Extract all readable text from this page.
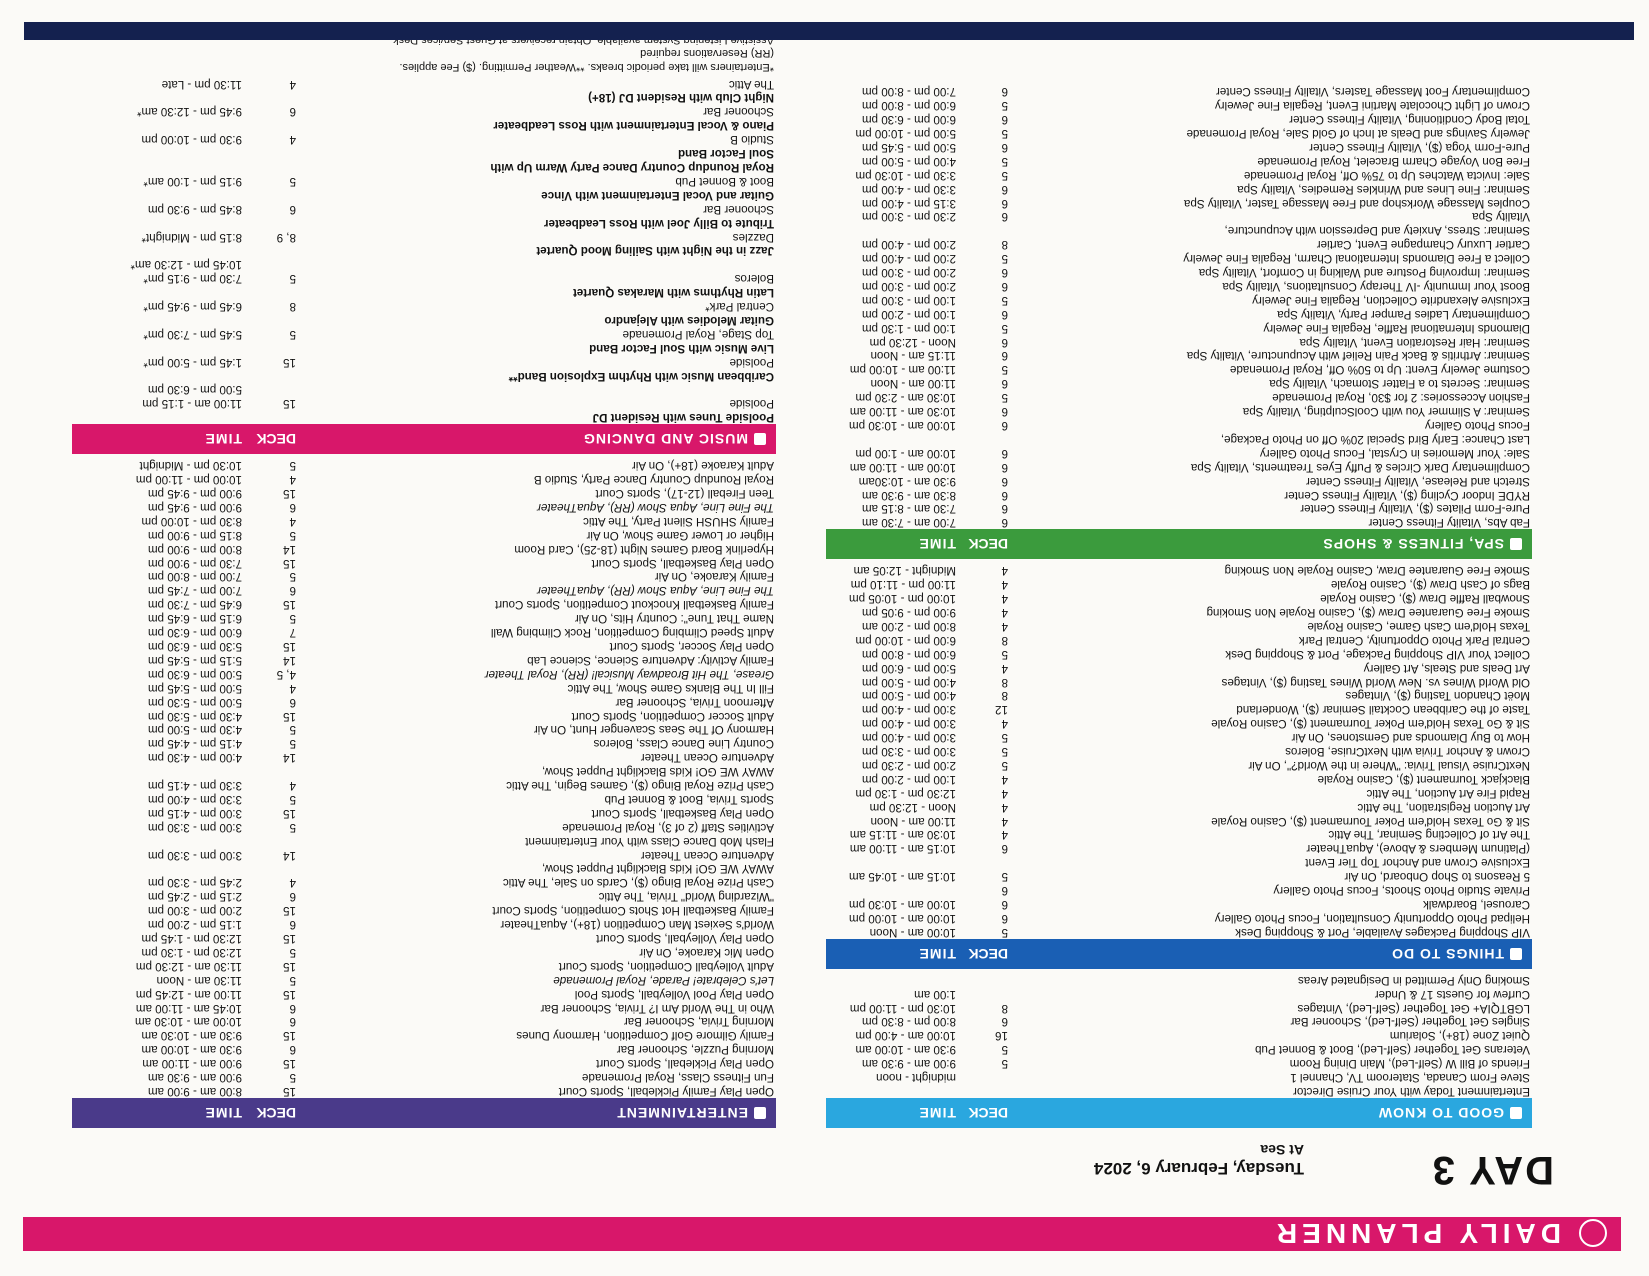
DAILY PLANNER
DAY 3
Tuesday, February 6, 2024
At Sea
GOOD TO KNOW
DECK
TIME
Entertainment Today with Your Cruise Director
Steve From Canada, Stateroom TV, Channel 1
midnight - noon
Friends of Bill W (Self-Led), Main Dining Room
5
9:00 am - 9:30 am
Veterans Get Together (Self-Led), Boot & Bonnet Pub
5
9:30 am - 10:00 am
Quiet Zone (18+), Solarium
16
10:00 am - 4:00 pm
Singles Get Together (Self-Led), Schooner Bar
6
8:00 pm - 8:30 pm
LGBTQIA+ Get Together (Self-Led), Vintages
8
10:30 pm - 11:00 pm
Curfew for Guests 17 & Under
1:00 am
Smoking Only Permitted in Designated Areas
THINGS TO DO
DECK
TIME
VIP Shopping Packages Available, Port & Shopping Desk
5
10:00 am - Noon
Helipad Photo Opportunity Consultation, Focus Photo Gallery
6
10:00 am - 10:00 pm
Carousel, Boardwalk
6
10:00 am - 10:30 pm
Private Studio Photo Shoots, Focus Photo Gallery
6
5 Reasons to Shop Onboard, On Air
5
10:15 am - 10:45 am
Exclusive Crown and Anchor Top Tier Event
(Platinum Members & Above), AquaTheater
6
10:15 am - 11:00 am
The Art of Collecting Seminar, The Attic
4
10:30 am - 11:15 am
Sit & Go Texas Hold'em Poker Tournament ($), Casino Royale
4
11:00 am - Noon
Art Auction Registration, The Attic
4
Noon - 12:30 pm
Rapid Fire Art Auction, The Attic
4
12:30 pm - 1:30 pm
Blackjack Tournament ($), Casino Royale
4
1:00 pm - 2:00 pm
NextCruise Visual Trivia: "Where in the World?", On Air
5
2:00 pm - 2:30 pm
Crown & Anchor Trivia with NextCruise, Boleros
5
3:00 pm - 3:30 pm
How to Buy Diamonds and Gemstones, On Air
5
3:00 pm - 4:00 pm
Sit & Go Texas Hold'em Poker Tournament ($), Casino Royale
4
3:00 pm - 4:00 pm
Taste of the Caribbean Cocktail Seminar ($), Wonderland
12
3:00 pm - 4:00 pm
Moët Chandon Tasting ($), Vintages
8
4:00 pm - 5:00 pm
Old World Wines vs. New World Wines Tasting ($), Vintages
8
4:00 pm - 5:00 pm
Art Deals and Steals, Art Gallery
4
5:00 pm - 6:00 pm
Collect Your VIP Shopping Package, Port & Shopping Desk
5
6:00 pm - 8:00 pm
Central Park Photo Opportunity, Central Park
8
6:00 pm - 10:00 pm
Texas Hold'em Cash Game, Casino Royale
4
8:00 pm - 2:00 am
Smoke Free Guarantee Draw ($), Casino Royale Non Smoking
4
9:00 pm - 9:05 pm
Snowball Raffle Draw ($), Casino Royale
4
10:00 pm - 10:05 pm
Bags of Cash Draw ($), Casino Royale
4
11:00 pm - 11:10 pm
Smoke Free Guarantee Draw, Casino Royale Non Smoking
4
Midnight - 12:05 am
SPA, FITNESS & SHOPS
DECK
TIME
Fab Abs, Vitality Fitness Center
6
7:00 am - 7:30 am
Pure-Form Pilates ($), Vitality Fitness Center
6
7:30 am - 8:15 am
RYDE Indoor Cycling ($), Vitality Fitness Center
6
8:30 am - 9:30 am
Stretch and Release, Vitality Fitness Center
6
9:30 am - 10:30am
Complimentary Dark Circles & Puffy Eyes Treatments, Vitality Spa
6
10:00 am - 11:00 am
Sale: Your Memories in Crystal, Focus Photo Gallery
6
10:00 am - 1:00 pm
Last Chance: Early Bird Special 20% Off on Photo Package,
Focus Photo Gallery
6
10:00 am - 10:30 pm
Seminar: A Slimmer You with CoolSculpting, Vitality Spa
6
10:30 am - 11:00 am
Fashion Accessories: 2 for $30, Royal Promenade
5
10:30 am - 2:30 pm
Seminar: Secrets to a Flatter Stomach, Vitality Spa
6
11:00 am - Noon
Costume Jewelry Event: Up to 50% Off, Royal Promenade
5
11:00 am - 10:00 pm
Seminar: Arthritis & Back Pain Relief with Acupuncture, Vitality Spa
6
11:15 am - Noon
Seminar: Hair Restoration Event, Vitality Spa
6
Noon - 12:30 pm
Diamonds International Raffle, Regalia Fine Jewelry
5
1:00 pm - 1:30 pm
Complimentary Ladies Pamper Party, Vitality Spa
6
1:00 pm - 2:00 pm
Exclusive Alexandrite Collection, Regalia Fine Jewelry
5
1:00 pm - 3:00 pm
Boost Your Immunity -IV Therapy Consultations, Vitality Spa
6
2:00 pm - 3:00 pm
Seminar: Improving Posture and Walking in Comfort, Vitality Spa
6
2:00 pm - 3:00 pm
Collect a Free Diamonds International Charm, Regalia Fine Jewelry
5
2:00 pm - 4:00 pm
Cartier Luxury Champagne Event, Cartier
8
2:00 pm - 4:00 pm
Seminar: Stress, Anxiety and Depression with Acupuncture,
Vitality Spa
6
2:30 pm - 3:00 pm
Couples Massage Workshop and Free Massage Taster, Vitality Spa
6
3:15 pm - 4:00 pm
Seminar: Fine Lines and Wrinkles Remedies, Vitality Spa
6
3:30 pm - 4:00 pm
Sale: Invicta Watches Up to 75% Off, Royal Promenade
5
3:30 pm - 10:30 pm
Free Bon Voyage Charm Bracelet, Royal Promenade
5
4:00 pm - 5:00 pm
Pure-Form Yoga ($), Vitality Fitness Center
6
5:00 pm - 5:45 pm
Jewelry Savings and Deals at Inch of Gold Sale, Royal Promenade
5
5:00 pm - 10:00 pm
Total Body Conditioning, Vitality Fitness Center
6
6:00 pm - 6:30 pm
Crown of Light Chocolate Martini Event, Regalia Fine Jewelry
5
6:00 pm - 8:00 pm
Complimentary Foot Massage Tasters, Vitality Fitness Center
6
7:00 pm - 8:00 pm
ENTERTAINMENT
DECK
TIME
Open Play Family Pickleball, Sports Court
15
8:00 am - 9:00 am
Fun Fitness Class, Royal Promenade
5
9:00 am - 9:30 am
Open Play Pickleball, Sports Court
15
9:00 am - 11:00 am
Morning Puzzle, Schooner Bar
6
9:30 am - 10:00 am
Family Gilmore Golf Competition, Harmony Dunes
15
9:30 am - 10:30 am
Morning Trivia, Schooner Bar
6
10:00 am - 10:30 am
Who in The World Am I? Trivia, Schooner Bar
6
10:45 am - 11:00 am
Open Play Pool Volleyball, Sports Pool
15
11:00 am - 12:45 pm
Let's Celebrate! Parade, Royal Promenade
5
11:30 am - Noon
Adult Volleyball Competition, Sports Court
15
11:30 am - 12:30 pm
Open Mic Karaoke, On Air
5
12:30 pm - 1:30 pm
Open Play Volleyball, Sports Court
15
12:30 pm - 1:45 pm
World's Sexiest Man Competition (18+), AquaTheater
6
1:15 pm - 2:00 pm
Family Basketball Hot Shots Competition, Sports Court
15
2:00 pm - 3:00 pm
"Wizarding World" Trivia, The Attic
6
2:15 pm - 2:45 pm
Cash Prize Royal Bingo ($), Cards on Sale, The Attic
4
2:45 pm - 3:30 pm
AWAY WE GO! Kids Blacklight Puppet Show,
Adventure Ocean Theater
14
3:00 pm - 3:30 pm
Flash Mob Dance Class with Your Entertainment
Activities Staff (2 of 3), Royal Promenade
5
3:00 pm - 3:30 pm
Open Play Basketball, Sports Court
15
3:00 pm - 4:15 pm
Sports Trivia, Boot & Bonnet Pub
5
3:30 pm - 4:00 pm
Cash Prize Royal Bingo ($), Games Begin, The Attic
4
3:30 pm - 4:15 pm
AWAY WE GO! Kids Blacklight Puppet Show,
Adventure Ocean Theater
14
4:00 pm - 4:30 pm
Country Line Dance Class, Boleros
5
4:15 pm - 4:45 pm
Harmony Of The Seas Scavenger Hunt, On Air
5
4:30 pm - 5:00 pm
Adult Soccer Competition, Sports Court
15
4:30 pm - 5:30 pm
Afternoon Trivia, Schooner Bar
6
5:00 pm - 5:30 pm
Fill In The Blanks Game Show, The Attic
4
5:00 pm - 5:45 pm
Grease, The Hit Broadway Musical! (RR), Royal Theater
4, 5
5:00 pm - 6:30 pm
Family Activity: Adventure Science, Science Lab
14
5:15 pm - 5:45 pm
Open Play Soccer, Sports Court
15
5:30 pm - 6:30 pm
Adult Speed Climbing Competition, Rock Climbing Wall
7
6:00 pm - 6:30 pm
Name That Tune": Country Hits, On Air
5
6:15 pm - 6:45 pm
Family Basketball Knockout Competition, Sports Court
15
6:45 pm - 7:30 pm
The Fine Line, Aqua Show (RR), AquaTheater
6
7:00 pm - 7:45 pm
Family Karaoke, On Air
5
7:00 pm - 8:00 pm
Open Play Basketball, Sports Court
15
7:30 pm - 9:00 pm
Hyperlink Board Games Night (18-25), Card Room
14
8:00 pm - 9:00 pm
Higher or Lower Game Show, On Air
5
8:15 pm - 9:00 pm
Family SHUSH Silent Party, The Attic
4
8:30 pm - 10:00 pm
The Fine Line, Aqua Show (RR), AquaTheater
6
9:00 pm - 9:45 pm
Teen Fireball (12-17), Sports Court
15
9:00 pm - 9:45 pm
Royal Roundup Country Dance Party, Studio B
4
10:00 pm - 11:00 pm
Adult Karaoke (18+), On Air
5
10:30 pm - Midnight
MUSIC AND DANCING
DECK
TIME
Poolside Tunes with Resident DJ
Poolside
15
11:00 am - 1:15 pm
5:00 pm - 6:30 pm
Caribbean Music with Rhythm Explosion Band**
Poolside
15
1:45 pm - 5:00 pm*
Live Music with Soul Factor Band
Top Stage, Royal Promenade
5
5:45 pm - 7:30 pm*
Guitar Melodies with Alejandro
Central Park*
8
6:45 pm - 9:45 pm*
Latin Rhythms with Marakas Quartet
Boleros
5
7:30 pm - 9:15 pm*
10:45 pm - 12:30 am*
Jazz in the Night with Sailing Mood Quartet
Dazzles
8, 9
8:15 pm - Midnight*
Tribute to Billy Joel with Ross Leadbeater
Schooner Bar
6
8:45 pm - 9:30 pm
Guitar and Vocal Entertainment with Vince
Boot & Bonnet Pub
5
9:15 pm - 1:00 am*
Royal Roundup Country Dance Party Warm Up with
Soul Factor Band
Studio B
4
9:30 pm - 10:00 pm
Piano & Vocal Entertainment with Ross Leadbeater
Schooner Bar
6
9:45 pm - 12:30 am*
Night Club with Resident DJ (18+)
The Attic
4
11:30 pm - Late
*Entertainers will take periodic breaks. **Weather Permitting. ($) Fee applies.
(RR) Reservations required
